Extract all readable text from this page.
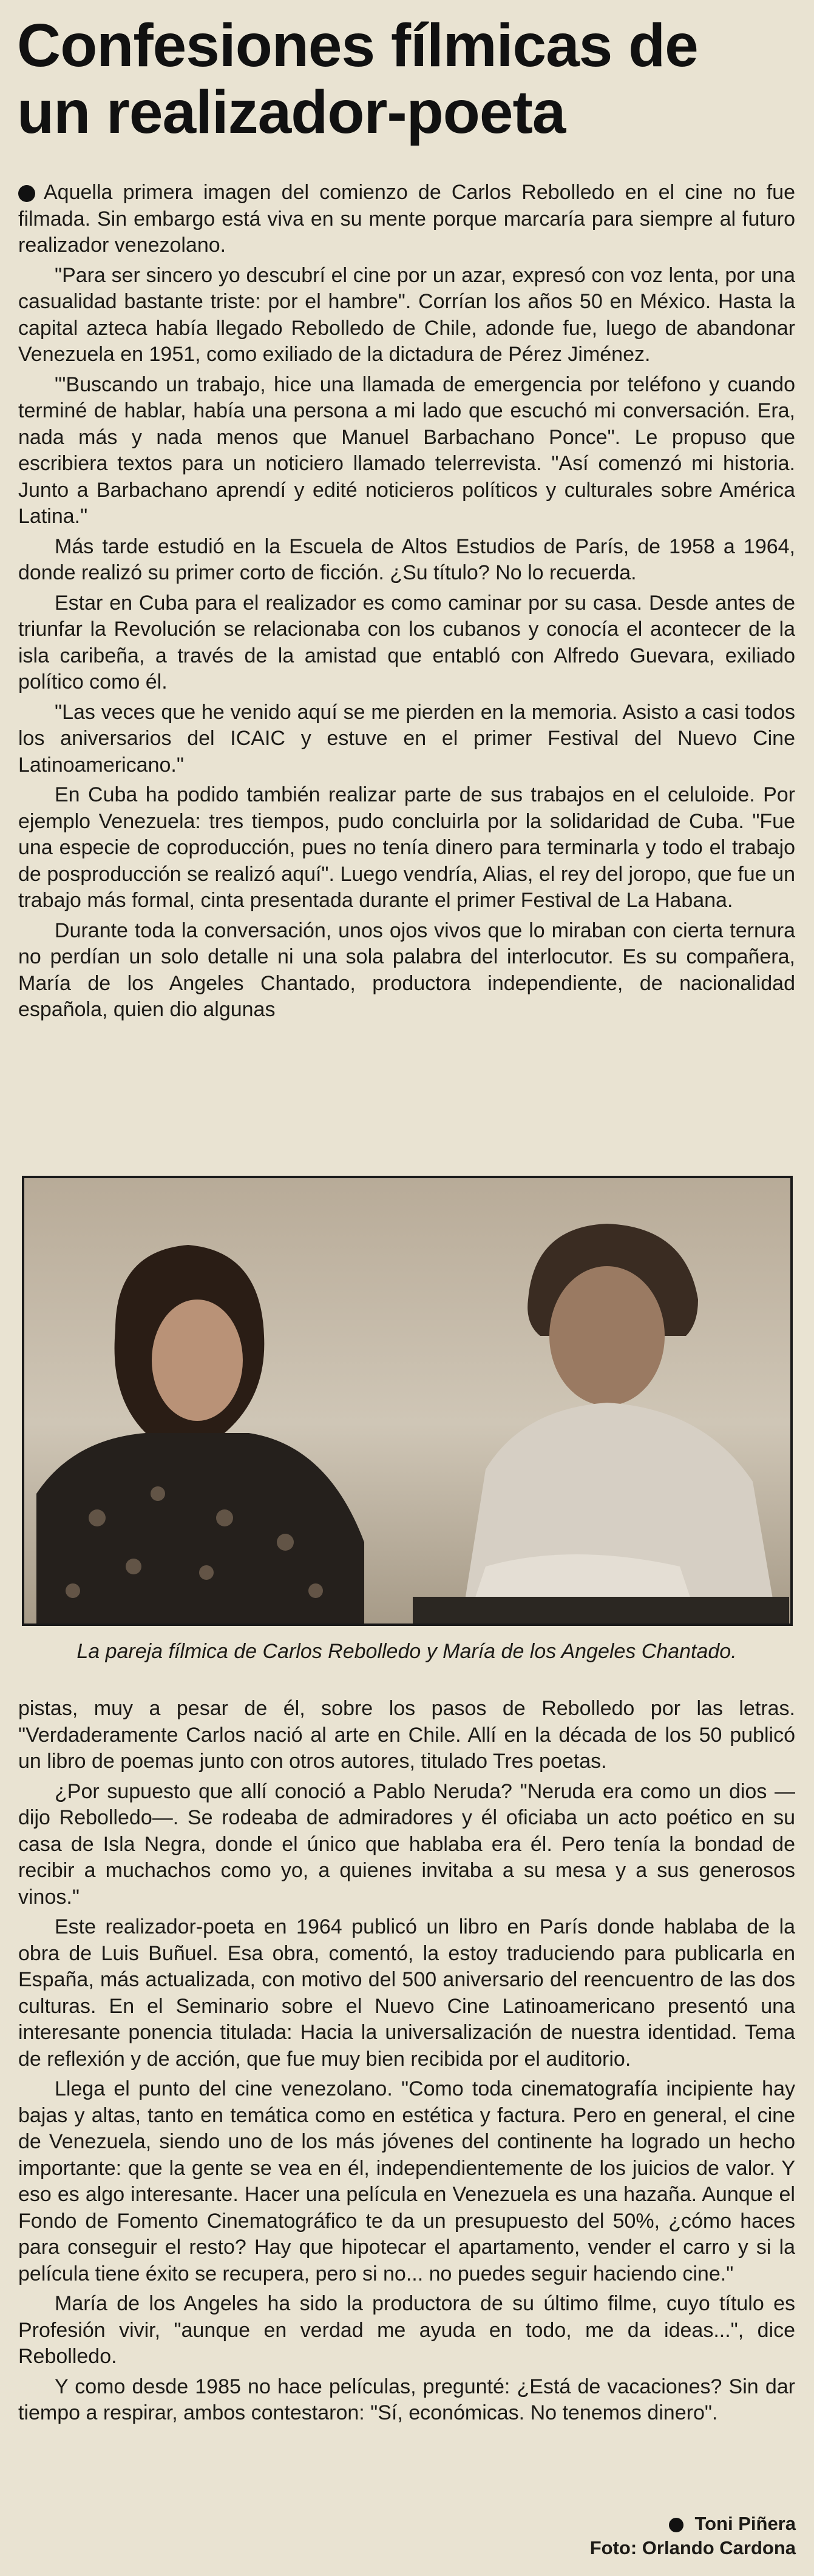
Confesiones fílmicas de
un realizador-poeta

Aquella primera imagen del comienzo de Carlos Rebolledo en el cine no fue filmada. Sin embargo está viva en su mente porque marcaría para siempre al futuro realizador venezolano.

"Para ser sincero yo descubrí el cine por un azar, expresó con voz lenta, por una casualidad bastante triste: por el hambre". Corrían los años 50 en México. Hasta la capital azteca había llegado Rebolledo de Chile, adonde fue, luego de abandonar Venezuela en 1951, como exiliado de la dictadura de Pérez Jiménez.

"'Buscando un trabajo, hice una llamada de emergencia por teléfono y cuando terminé de hablar, había una persona a mi lado que escuchó mi conversación. Era, nada más y nada menos que Manuel Barbachano Ponce". Le propuso que escribiera textos para un noticiero llamado telerrevista. "Así comenzó mi historia. Junto a Barbachano aprendí y edité noticieros políticos y culturales sobre América Latina."

Más tarde estudió en la Escuela de Altos Estudios de París, de 1958 a 1964, donde realizó su primer corto de ficción. ¿Su título? No lo recuerda.

Estar en Cuba para el realizador es como caminar por su casa. Desde antes de triunfar la Revolución se relacionaba con los cubanos y conocía el acontecer de la isla caribeña, a través de la amistad que entabló con Alfredo Guevara, exiliado político como él.

"Las veces que he venido aquí se me pierden en la memoria. Asisto a casi todos los aniversarios del ICAIC y estuve en el primer Festival del Nuevo Cine Latinoamericano."

En Cuba ha podido también realizar parte de sus trabajos en el celuloide. Por ejemplo Venezuela: tres tiempos, pudo concluirla por la solidaridad de Cuba. "Fue una especie de coproducción, pues no tenía dinero para terminarla y todo el trabajo de posproducción se realizó aquí". Luego vendría, Alias, el rey del joropo, que fue un trabajo más formal, cinta presentada durante el primer Festival de La Habana.

Durante toda la conversación, unos ojos vivos que lo miraban con cierta ternura no perdían un solo detalle ni una sola palabra del interlocutor. Es su compañera, María de los Angeles Chantado, productora independiente, de nacionalidad española, quien dio algunas

La pareja fílmica de Carlos Rebolledo y María de los Angeles Chantado.

pistas, muy a pesar de él, sobre los pasos de Rebolledo por las letras. "Verdaderamente Carlos nació al arte en Chile. Allí en la década de los 50 publicó un libro de poemas junto con otros autores, titulado Tres poetas.

¿Por supuesto que allí conoció a Pablo Neruda? "Neruda era como un dios —dijo Rebolledo—. Se rodeaba de admiradores y él oficiaba un acto poético en su casa de Isla Negra, donde el único que hablaba era él. Pero tenía la bondad de recibir a muchachos como yo, a quienes invitaba a su mesa y a sus generosos vinos."

Este realizador-poeta en 1964 publicó un libro en París donde hablaba de la obra de Luis Buñuel. Esa obra, comentó, la estoy traduciendo para publicarla en España, más actualizada, con motivo del 500 aniversario del reencuentro de las dos culturas. En el Seminario sobre el Nuevo Cine Latinoamericano presentó una interesante ponencia titulada: Hacia la universalización de nuestra identidad. Tema de reflexión y de acción, que fue muy bien recibida por el auditorio.

Llega el punto del cine venezolano. "Como toda cinematografía incipiente hay bajas y altas, tanto en temática como en estética y factura. Pero en general, el cine de Venezuela, siendo uno de los más jóvenes del continente ha logrado un hecho importante: que la gente se vea en él, independientemente de los juicios de valor. Y eso es algo interesante. Hacer una película en Venezuela es una hazaña. Aunque el Fondo de Fomento Cinematográfico te da un presupuesto del 50%, ¿cómo haces para conseguir el resto? Hay que hipotecar el apartamento, vender el carro y si la película tiene éxito se recupera, pero si no... no puedes seguir haciendo cine."

María de los Angeles ha sido la productora de su último filme, cuyo título es Profesión vivir, "aunque en verdad me ayuda en todo, me da ideas...", dice Rebolledo.

Y como desde 1985 no hace películas, pregunté: ¿Está de vacaciones? Sin dar tiempo a respirar, ambos contestaron: "Sí, económicas. No tenemos dinero".

Toni Piñera
Foto: Orlando Cardona
